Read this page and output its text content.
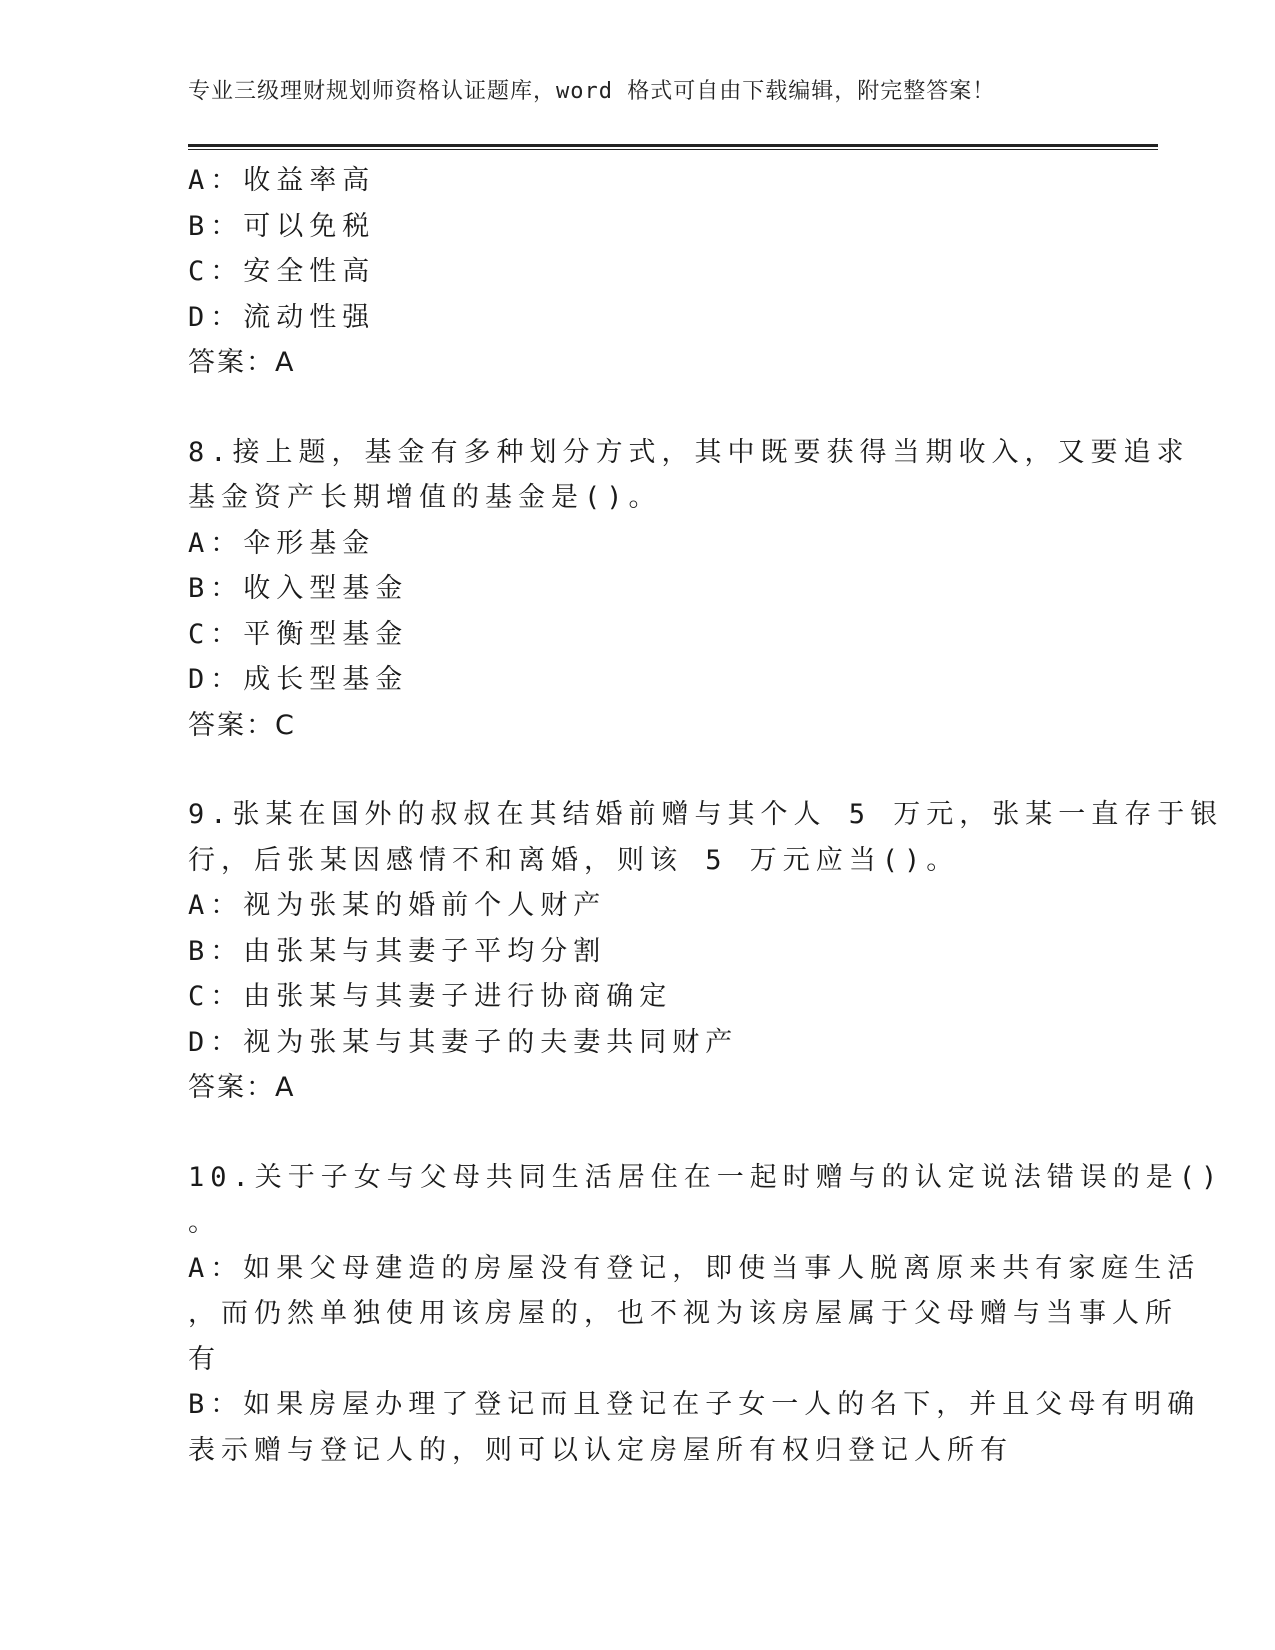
专业三级理财规划师资格认证题库，word 格式可自由下载编辑，附完整答案！
A：收益率高
B：可以免税
C：安全性高
D：流动性强
答案：A
8.接上题，基金有多种划分方式，其中既要获得当期收入，又要追求
基金资产长期增值的基金是()。
A：伞形基金
B：收入型基金
C：平衡型基金
D：成长型基金
答案：C
9.张某在国外的叔叔在其结婚前赠与其个人 5 万元，张某一直存于银
行，后张某因感情不和离婚，则该 5 万元应当()。
A：视为张某的婚前个人财产
B：由张某与其妻子平均分割
C：由张某与其妻子进行协商确定
D：视为张某与其妻子的夫妻共同财产
答案：A
10.关于子女与父母共同生活居住在一起时赠与的认定说法错误的是()
。
A：如果父母建造的房屋没有登记，即使当事人脱离原来共有家庭生活
，而仍然单独使用该房屋的，也不视为该房屋属于父母赠与当事人所
有
B：如果房屋办理了登记而且登记在子女一人的名下，并且父母有明确
表示赠与登记人的，则可以认定房屋所有权归登记人所有
